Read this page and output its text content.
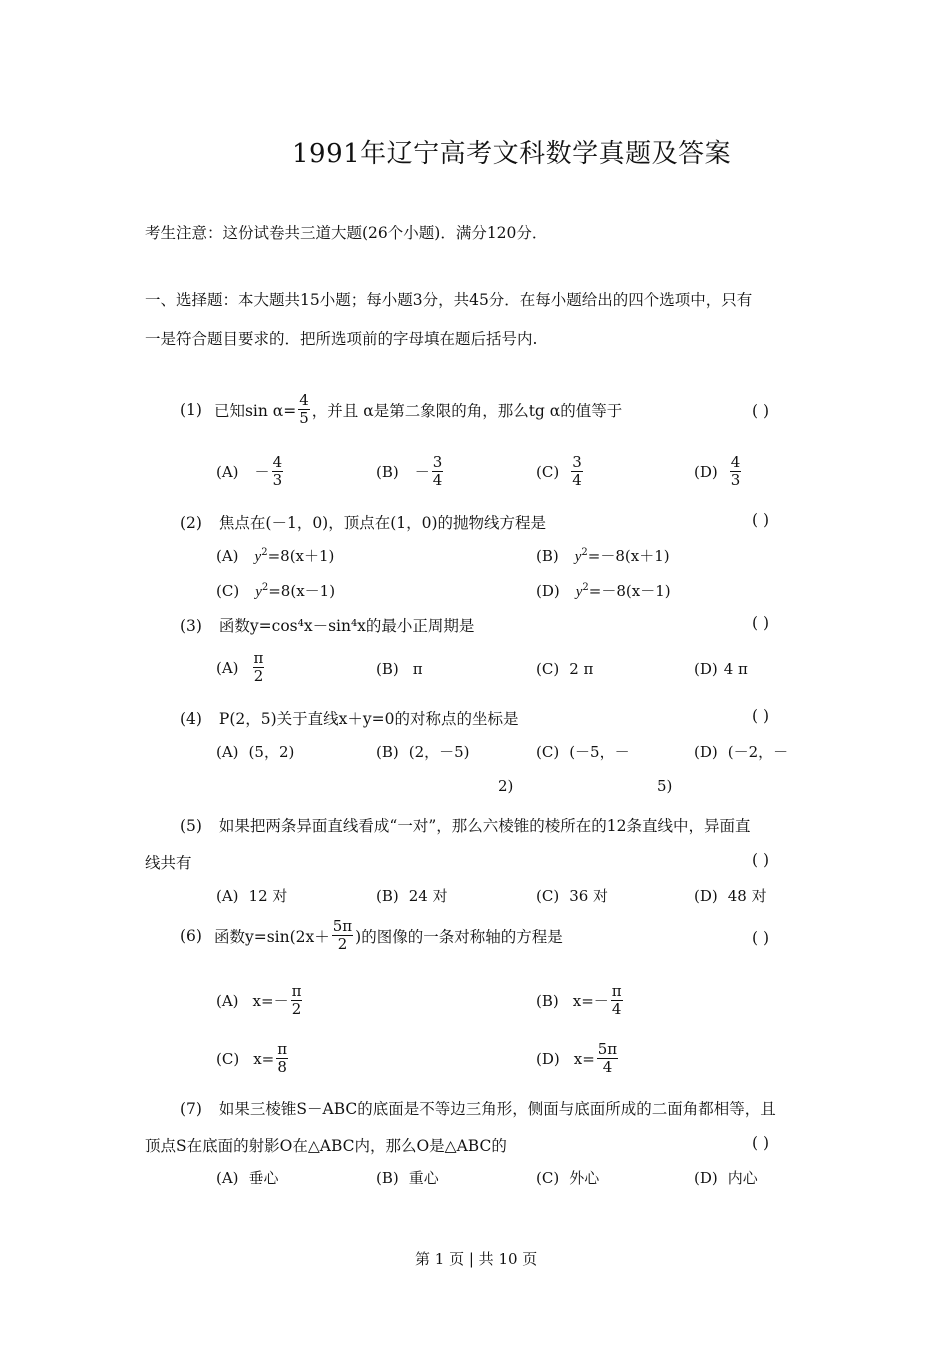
1991年辽宁高考文科数学真题及答案
考生注意：这份试卷共三道大题(26个小题)．满分120分．
一、选择题：本大题共15小题；每小题3分，共45分．在每小题给出的四个选项中，只有
一是符合题目要求的．把所选项前的字母填在题后括号内.
(1) 已知$\sin \alpha= \frac{4}{5}$ ，并且 α是第二象限的角，那么tg α的值等于	( )
$(A) - \frac{4}{3}$	$(B) - \frac{3}{4}$	$(C) \frac{3}{4}$	$(D) \frac{4}{3}$
(2) 焦点在(－1，0)，顶点在(1，0)的抛物线方程是	( )
(A) $y^2=8(x+1)$	(B) $y^2=-8(x+1)$
(C) $y^2=8(x-1)$	(D) $y^2=-8(x-1)$
(3) 函数y=cos⁴x－sin⁴x的最小正周期是	( )
$(A) \frac{\pi}{2}$	(B) π	(C) 2 π	(D) 4 π
(4) P(2，5)关于直线x＋y=0的对称点的坐标是	( )
(A) (5，2)	(B) (2，－5)	(C) (－5，－	(D) (－2，－
2)	5)
(5) 如果把两条异面直线看成“一对”，那么六棱锥的棱所在的12条直线中，异面直
线共有	( )
(A) 12 对	(B) 24 对	(C) 36 对	(D) 48 对
(6) 函数$y=\sin(2x+ \frac{5\pi}{2}$ )的图像的一条对称轴的方程是	( )
(A) $x=- \frac{\pi}{2}$	(B) $x=- \frac{\pi}{4}$
(C) $x= \frac{\pi}{8}$	(D) $x= \frac{5\pi}{4}$
(7) 如果三棱锥S－ABC的底面是不等边三角形，侧面与底面所成的二面角都相等，且
顶点S在底面的射影O在△ABC内，那么O是△ABC的	( )
(A) 垂心	(B) 重心	(C) 外心	(D) 内心
第 1 页 | 共 10 页
